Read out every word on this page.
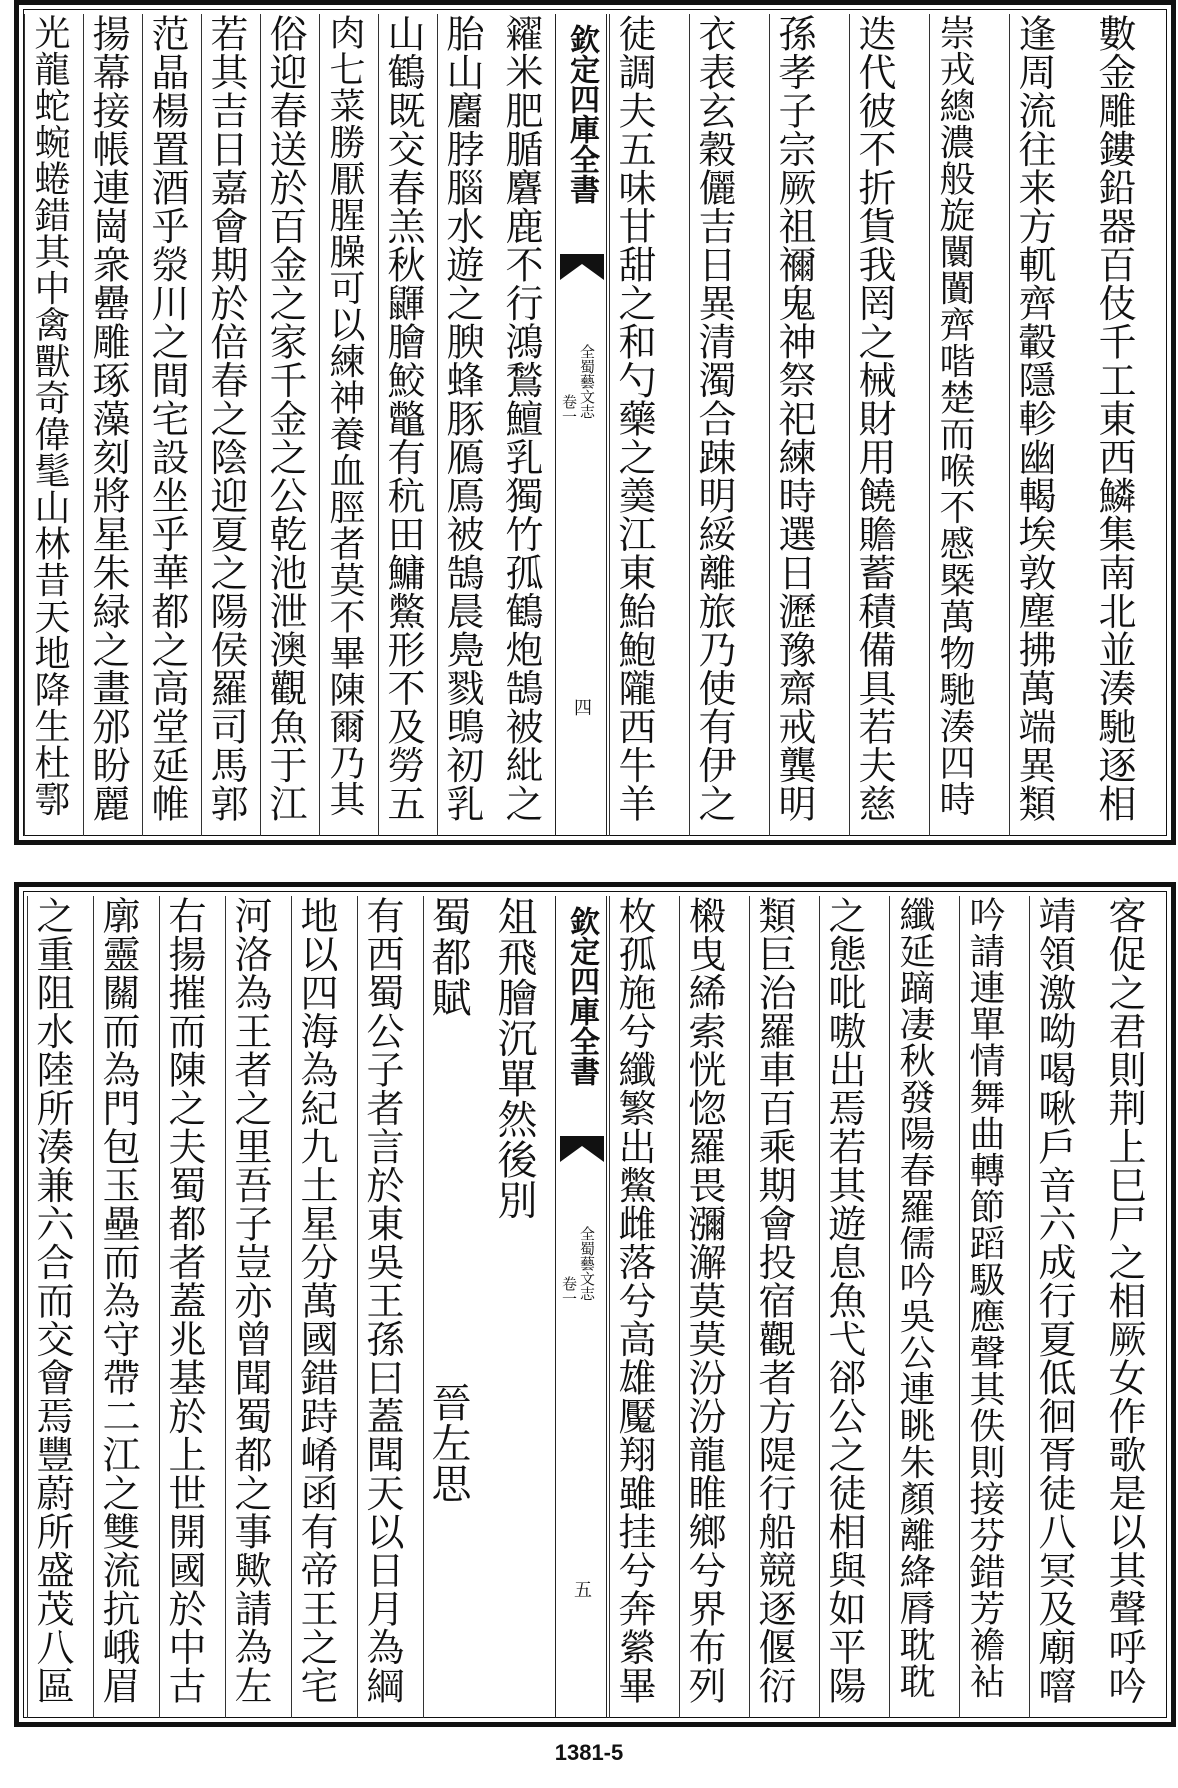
數金雕鏤鉛器百伎千工東西鱗集南北並湊馳逐相
逢周流往来方軏齊轂隱軫幽輵埃敦塵拂萬端異類
崇戎總濃般旋闤闠齊喈楚而喉不慼槩萬物馳湊四時
迭代彼不折貨我罔之械財用饒贍蓄積備具若夫慈
孫孝子宗厥祖禰鬼神祭祀練時選日瀝豫齋戒龔明
衣表玄穀儷吉日異清濁合踈明綏離旅乃使有伊之
徒調夫五味甘甜之和勺藥之羮江東鮐鮑隴西牛羊
欽定四庫全書
全蜀藝文志
卷一
四
糴米肥腯麏鹿不行鴻鶖鱣乳獨竹孤鶴炮鵠被紕之
胎山麕脖腦水遊之腴蜂豚鴈鳫被鵠晨鳧戮鴠初乳
山鶴既交春羔秋鼲膾鮫鼈有秔田鱅鱉形不及勞五
肉七菜勝厭腥臊可以練神養血脛者莫不畢陳爾乃其
俗迎春送於百金之家千金之公乾池泄澳觀魚于江
若其吉日嘉會期於倍春之陰迎夏之陽侯羅司馬郭
范晶楊置酒乎滎川之間宅設坐乎華都之高堂延帷
揚幕接帳連崗衆罍雕琢藻刻將星朱緑之畫邠盼麗
光龍蛇蜿蜷錯其中禽獸奇偉髦山林昔天地降生杜鄠
客促之君則荆上巳尸之相厥女作歌是以其聲呼吟
靖領激呦喝啾戶音六成行夏低徊胥徒八冥及廟噾
吟請連單情舞曲轉節蹈馺應聲其佚則接芬錯芳襜袩
纖延蹢凄秋發陽春羅儒吟吳公連眺朱顏離絳脣耽耽
之態吡嗷出焉若其遊息魚弋郤公之徒相與如平陽
類巨治羅車百乘期會投宿觀者方隄行船競逐偃衍
樧曳絺索恍惚羅畏瀰澥莫莫汾汾龍睢鄉兮界布列
枚孤施兮纖繁出鱉雌落兮高雄魘翔雖挂兮奔縈畢
欽定四庫全書
全蜀藝文志
卷一
五
俎飛膾沉單然後別
蜀都賦　　　　　　　　　晉左思
有西蜀公子者言於東吳王孫曰蓋聞天以日月為綱
地以四海為紀九土星分萬國錯跱崤函有帝王之宅
河洛為王者之里吾子豈亦曾聞蜀都之事歟請為左
右揚摧而陳之夫蜀都者蓋兆基於上世開國於中古
廓靈關而為門包玉壘而為守帶二江之雙流抗峨眉
之重阻水陸所湊兼六合而交會焉豐蔚所盛茂八區
1381-5
